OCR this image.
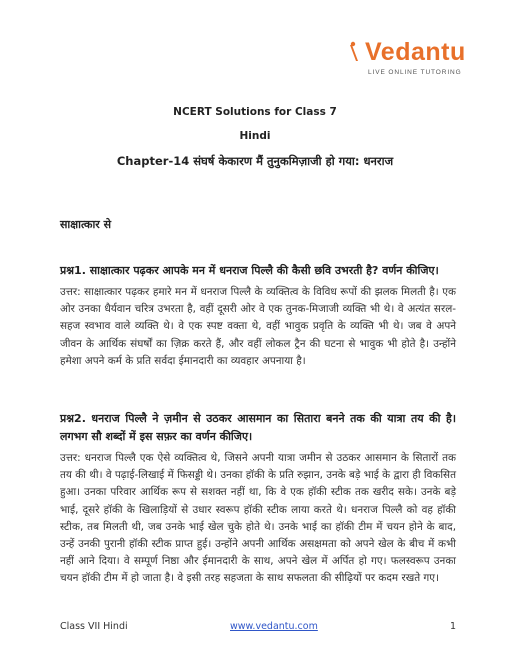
Vedantu
LIVE ONLINE TUTORING
NCERT Solutions for Class 7
Hindi
Chapter-14 संघर्ष केकारण मैं तुनुकमिज़ाजी हो गया: धनराज
साक्षात्कार से
प्रश्न1. साक्षात्कार पढ़कर आपके मन में धनराज पिल्लै की कैसी छवि उभरती है? वर्णन कीजिए।
उत्तर: साक्षात्कार पढ़कर हमारे मन में धनराज पिल्लै के व्यक्तित्व के विविध रूपों की झलक मिलती है। एक ओर उनका धैर्यवान चरित्र उभरता है, वहीं दूसरी ओर वे एक तुनक-मिजाजी व्यक्ति भी थे। वे अत्यंत सरल-सहज स्वभाव वाले व्यक्ति थे। वे एक स्पष्ट वक्ता थे, वहीं भावुक प्रवृति के व्यक्ति भी थे। जब वे अपने जीवन के आर्थिक संघर्षों का ज़िक्र करते हैं, और वहीं लोकल ट्रैन की घटना से भावुक भी होते है। उन्होंने हमेशा अपने कर्म के प्रति सर्वदा ईमानदारी का व्यवहार अपनाया है।
प्रश्न2. धनराज पिल्लै ने ज़मीन से उठकर आसमान का सितारा बनने तक की यात्रा तय की है। लगभग सौ शब्दों में इस सफ़र का वर्णन कीजिए।
उत्तर: धनराज पिल्लै एक ऐसे व्यक्तित्व थे, जिसने अपनी यात्रा जमीन से उठकर आसमान के सितारों तक तय की थी। वे पढ़ाई-लिखाई में फिसड्डी थे। उनका हॉकी के प्रति रुझान, उनके बड़े भाई के द्वारा ही विकसित हुआ। उनका परिवार आर्थिक रूप से सशक्त नहीं था, कि वे एक हॉकी स्टीक तक खरीद सके। उनके बड़े भाई, दूसरे हॉकी के खिलाड़ियों से उधार स्वरूप हॉकी स्टीक लाया करते थे। धनराज पिल्लै को वह हॉकी स्टीक, तब मिलती थी, जब उनके भाई खेल चुके होते थे। उनके भाई का हॉकी टीम में चयन होने के बाद, उन्हें उनकी पुरानी हॉकी स्टीक प्राप्त हुई। उन्होंने अपनी आर्थिक असक्षमता को अपने खेल के बीच में कभी नहीं आने दिया। वे सम्पूर्ण निष्ठा और ईमानदारी के साथ, अपने खेल में अर्पित हो गए। फलस्वरूप उनका चयन हॉकी टीम में हो जाता है। वे इसी तरह सहजता के साथ सफलता की सीढ़ियों पर कदम रखते गए।
Class VII Hindi	www.vedantu.com	1
